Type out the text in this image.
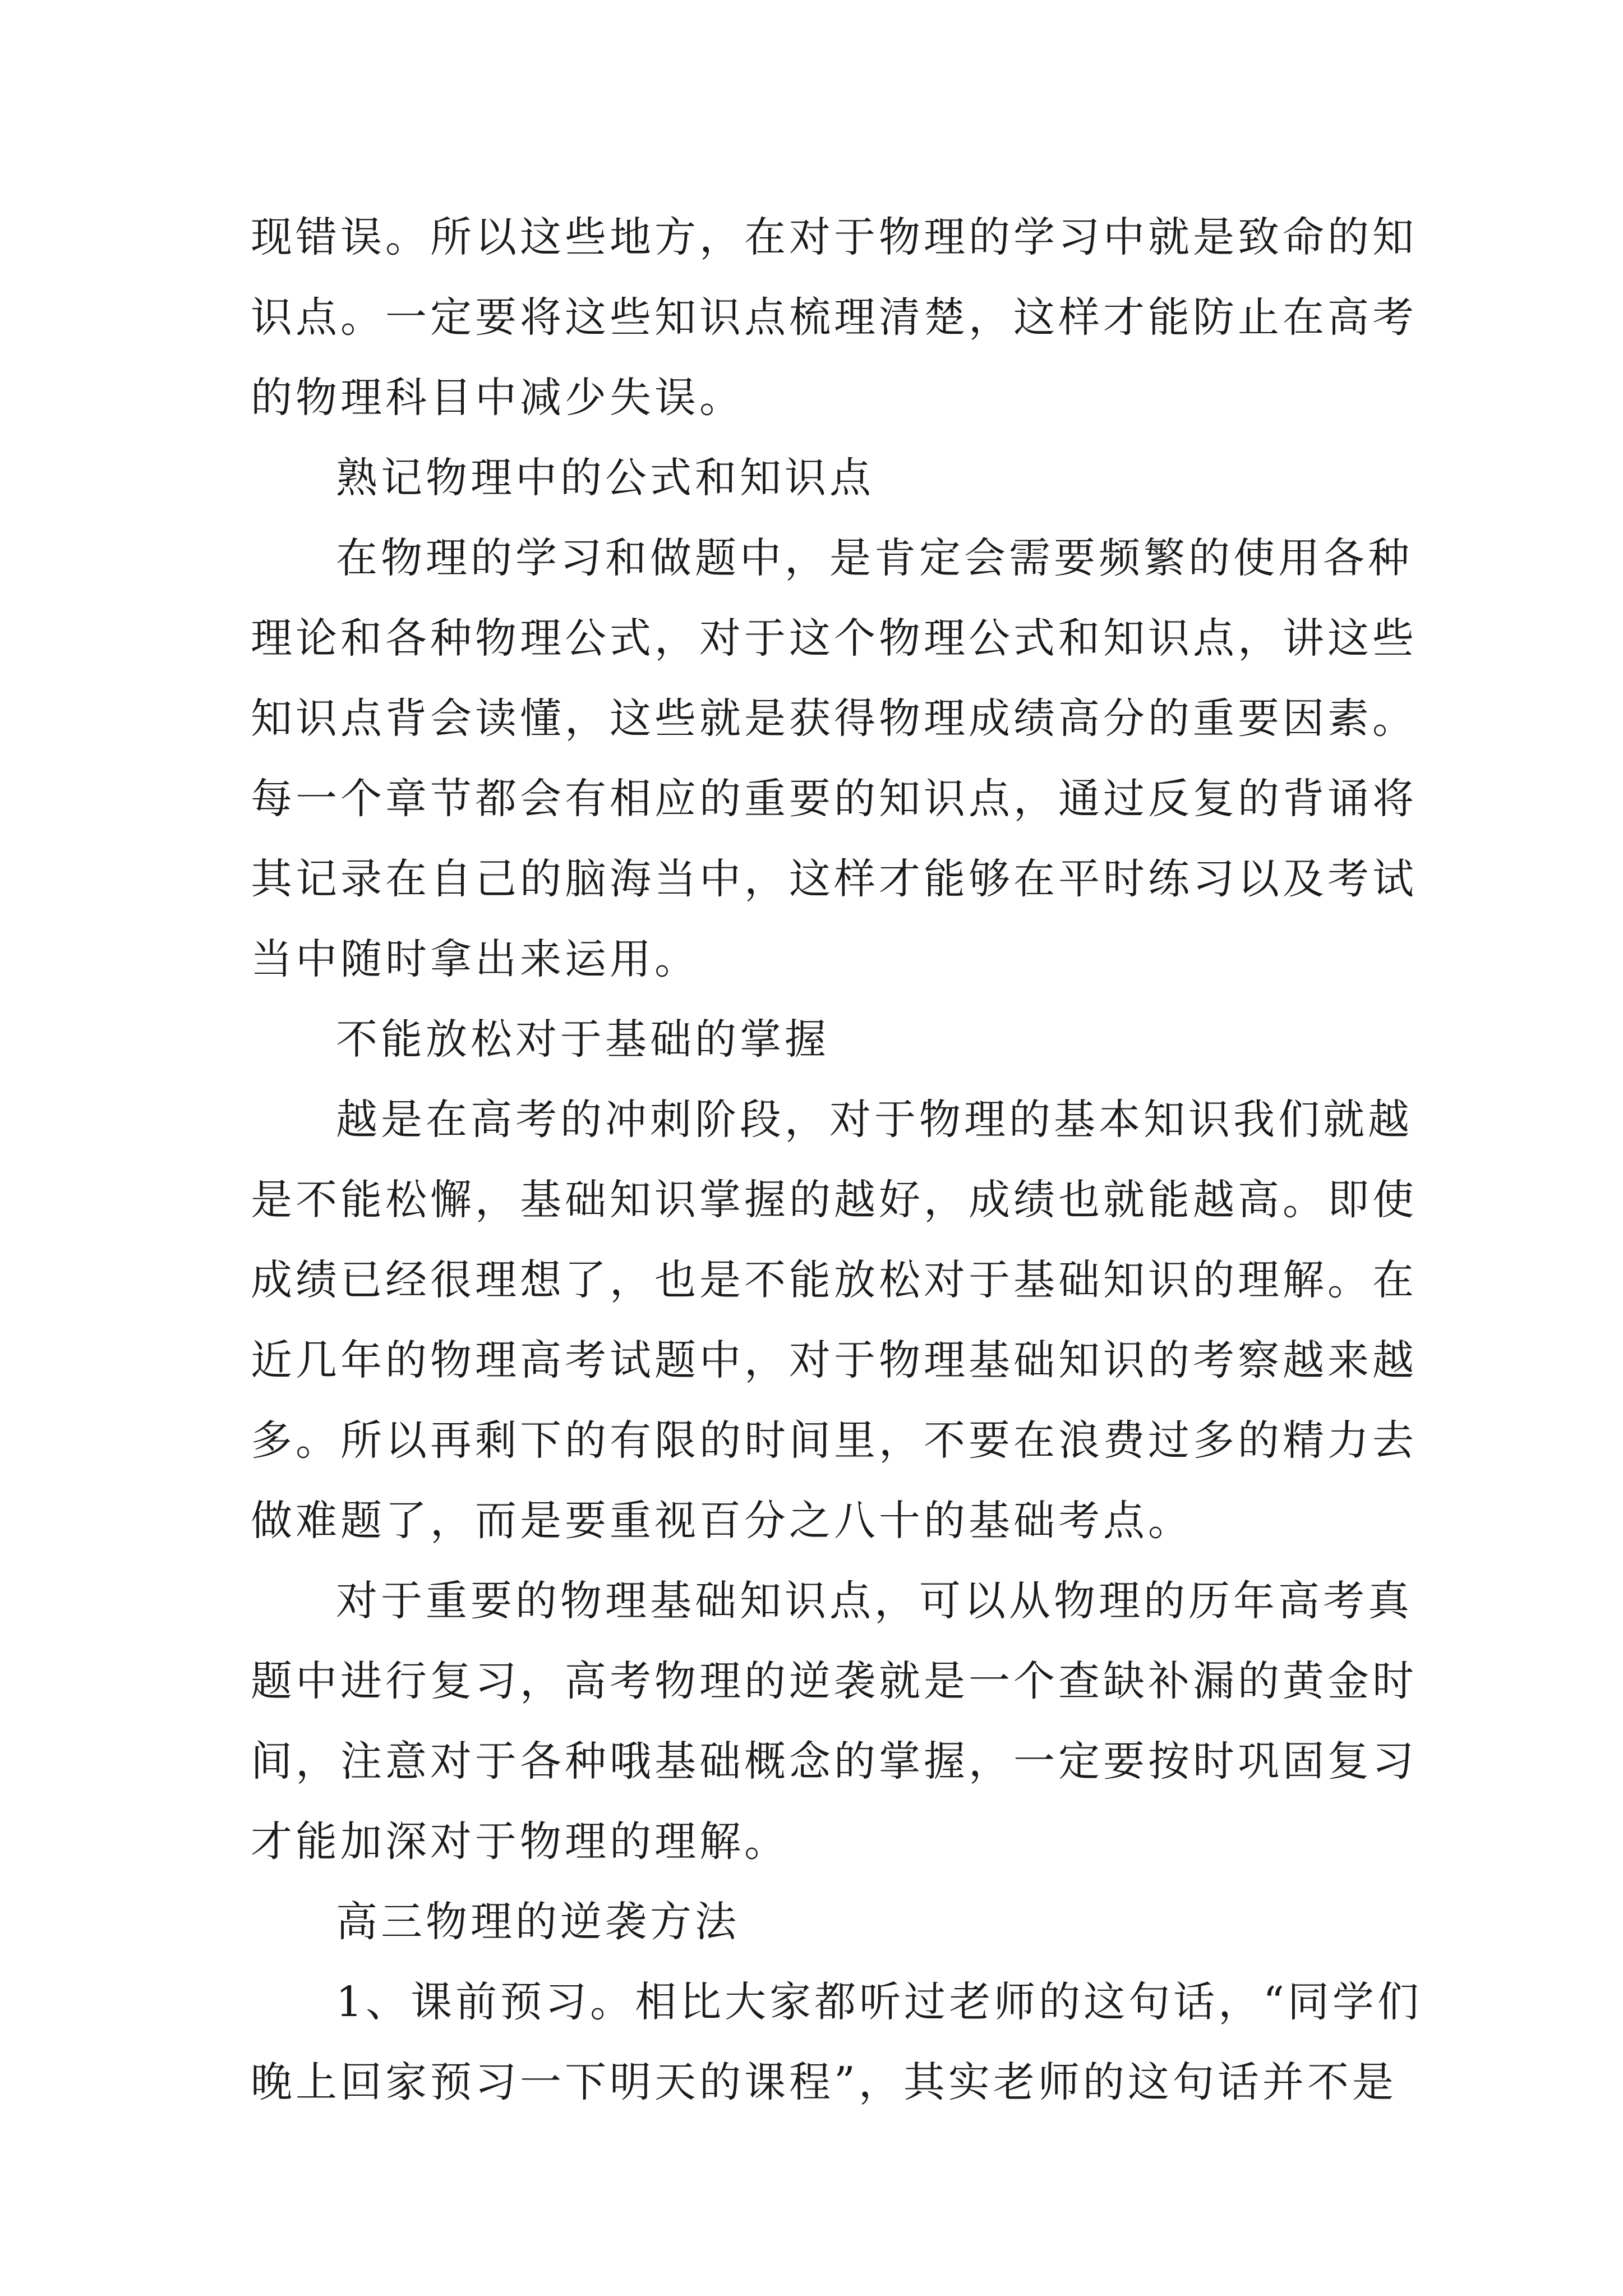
现错误。所以这些地方，在对于物理的学习中就是致命的知
识点。一定要将这些知识点梳理清楚，这样才能防止在高考
的物理科目中减少失误。
熟记物理中的公式和知识点
在物理的学习和做题中，是肯定会需要频繁的使用各种
理论和各种物理公式，对于这个物理公式和知识点，讲这些
知识点背会读懂，这些就是获得物理成绩高分的重要因素。
每一个章节都会有相应的重要的知识点，通过反复的背诵将
其记录在自己的脑海当中，这样才能够在平时练习以及考试
当中随时拿出来运用。
不能放松对于基础的掌握
越是在高考的冲刺阶段，对于物理的基本知识我们就越
是不能松懈，基础知识掌握的越好，成绩也就能越高。即使
成绩已经很理想了，也是不能放松对于基础知识的理解。在
近几年的物理高考试题中，对于物理基础知识的考察越来越
多。所以再剩下的有限的时间里，不要在浪费过多的精力去
做难题了，而是要重视百分之八十的基础考点。
对于重要的物理基础知识点，可以从物理的历年高考真
题中进行复习，高考物理的逆袭就是一个查缺补漏的黄金时
间，注意对于各种哦基础概念的掌握，一定要按时巩固复习
才能加深对于物理的理解。
高三物理的逆袭方法
1、课前预习。相比大家都听过老师的这句话，“同学们
晚上回家预习一下明天的课程”，其实老师的这句话并不是
